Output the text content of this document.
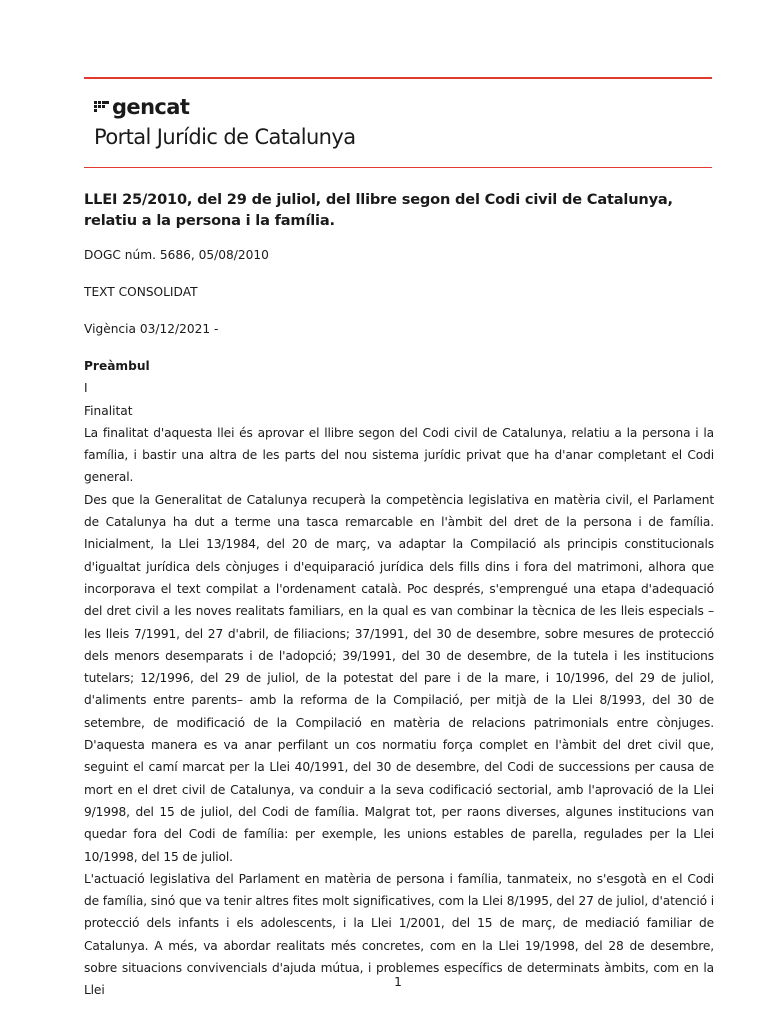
gencat
Portal Jurídic de Catalunya
LLEI 25/2010, del 29 de juliol, del llibre segon del Codi civil de Catalunya, relatiu a la persona i la família.
DOGC núm. 5686, 05/08/2010
TEXT CONSOLIDAT
Vigència 03/12/2021 -
Preàmbul
I
Finalitat

La finalitat d'aquesta llei és aprovar el llibre segon del Codi civil de Catalunya, relatiu a la persona i la família, i bastir una altra de les parts del nou sistema jurídic privat que ha d'anar completant el Codi general.

Des que la Generalitat de Catalunya recuperà la competència legislativa en matèria civil, el Parlament de Catalunya ha dut a terme una tasca remarcable en l'àmbit del dret de la persona i de família. Inicialment, la Llei 13/1984, del 20 de març, va adaptar la Compilació als principis constitucionals d'igualtat jurídica dels cònjuges i d'equiparació jurídica dels fills dins i fora del matrimoni, alhora que incorporava el text compilat a l'ordenament català. Poc després, s'emprengué una etapa d'adequació del dret civil a les noves realitats familiars, en la qual es van combinar la tècnica de les lleis especials –les lleis 7/1991, del 27 d'abril, de filiacions; 37/1991, del 30 de desembre, sobre mesures de protecció dels menors desemparats i de l'adopció; 39/1991, del 30 de desembre, de la tutela i les institucions tutelars; 12/1996, del 29 de juliol, de la potestat del pare i de la mare, i 10/1996, del 29 de juliol, d'aliments entre parents– amb la reforma de la Compilació, per mitjà de la Llei 8/1993, del 30 de setembre, de modificació de la Compilació en matèria de relacions patrimonials entre cònjuges. D'aquesta manera es va anar perfilant un cos normatiu força complet en l'àmbit del dret civil que, seguint el camí marcat per la Llei 40/1991, del 30 de desembre, del Codi de successions per causa de mort en el dret civil de Catalunya, va conduir a la seva codificació sectorial, amb l'aprovació de la Llei 9/1998, del 15 de juliol, del Codi de família. Malgrat tot, per raons diverses, algunes institucions van quedar fora del Codi de família: per exemple, les unions estables de parella, regulades per la Llei 10/1998, del 15 de juliol.

L'actuació legislativa del Parlament en matèria de persona i família, tanmateix, no s'esgotà en el Codi de família, sinó que va tenir altres fites molt significatives, com la Llei 8/1995, del 27 de juliol, d'atenció i protecció dels infants i els adolescents, i la Llei 1/2001, del 15 de març, de mediació familiar de Catalunya. A més, va abordar realitats més concretes, com en la Llei 19/1998, del 28 de desembre, sobre situacions convivencials d'ajuda mútua, i problemes específics de determinats àmbits, com en la Llei

1
